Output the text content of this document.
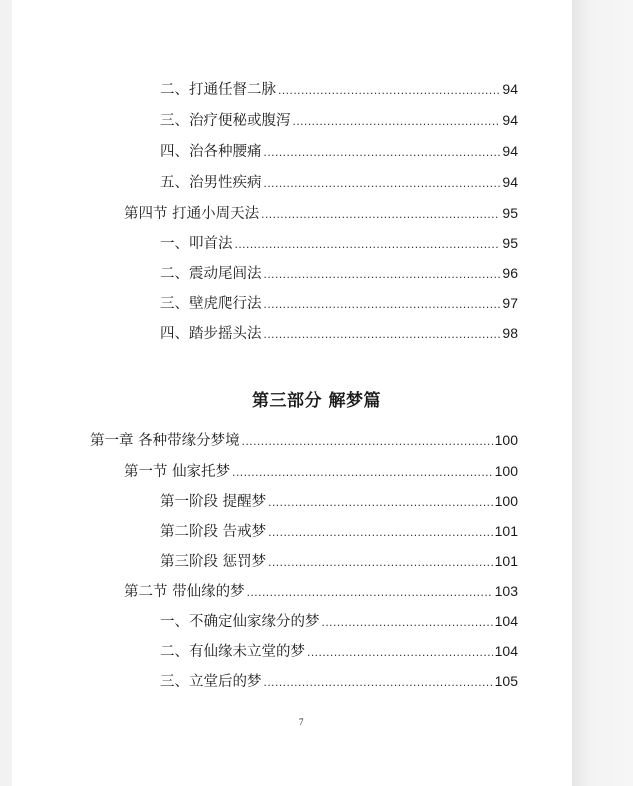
二、打通任督二脉 .....	94
三、治疗便秘或腹泻 .....	94
四、治各种腰痛 .....	94
五、治男性疾病 .....	94
第四节 打通小周天法 .....	95
一、叩首法 .....	95
二、震动尾闾法 .....	96
三、壁虎爬行法 .....	97
四、踏步摇头法 .....	98
第三部分 解梦篇
第一章 各种带缘分梦境 .....	100
第一节 仙家托梦 .....	100
第一阶段 提醒梦 .....	100
第二阶段 告戒梦 .....	101
第三阶段 惩罚梦 .....	101
第二节 带仙缘的梦 .....	103
一、不确定仙家缘分的梦 .....	104
二、有仙缘未立堂的梦 .....	104
三、立堂后的梦 .....	105
7
